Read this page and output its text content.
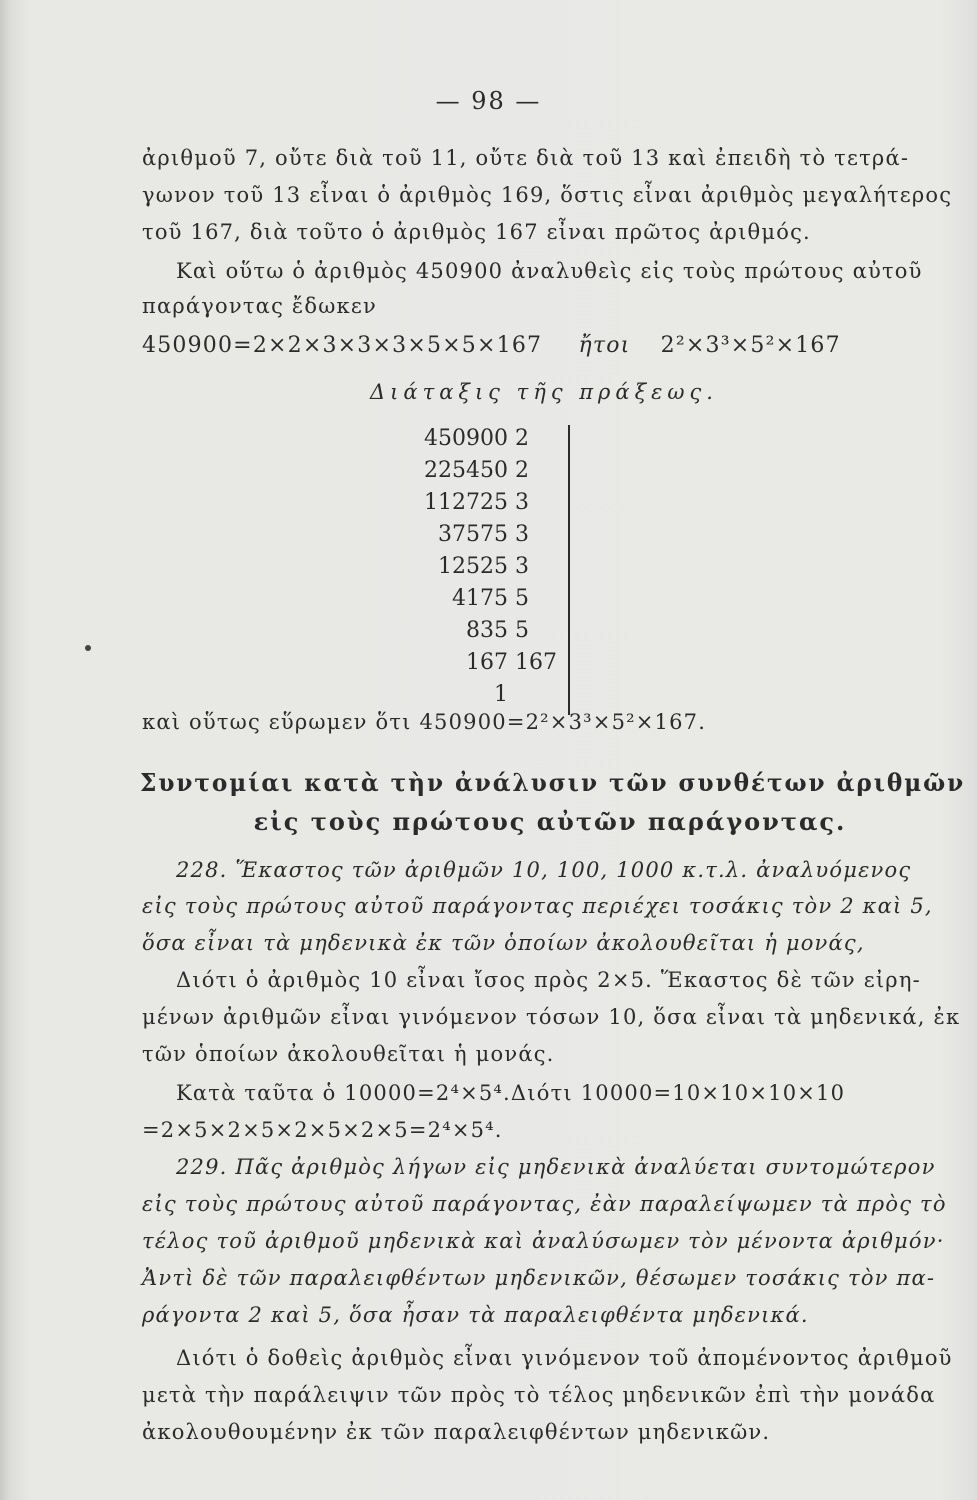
— 98 —
ἀριθμοῦ 7, οὔτε διὰ τοῦ 11, οὔτε διὰ τοῦ 13 καὶ ἐπειδὴ τὸ τετρά-
γωνον τοῦ 13 εἶναι ὁ ἀριθμὸς 169, ὅστις εἶναι ἀριθμὸς μεγαλήτερος
τοῦ 167, διὰ τοῦτο ὁ ἀριθμὸς 167 εἶναι πρῶτος ἀριθμός.
Καὶ οὕτω ὁ ἀριθμὸς 450900 ἀναλυθεὶς εἰς τοὺς πρώτους αὐτοῦ
παράγοντας ἔδωκεν
450900=2×2×3×3×3×5×5×167 ἤτοι 2²×3³×5²×167
Διάταξις τῆς πράξεως.
450900 2
225450 2
112725 3
37575 3
12525 3
4175 5
835 5
167 167
1
καὶ οὕτως εὕρωμεν ὅτι 450900=2²×3³×5²×167.
Συντομίαι κατὰ τὴν ἀνάλυσιν τῶν συνθέτων ἀριθμῶν
εἰς τοὺς πρώτους αὐτῶν παράγοντας.
228. Ἕκαστος τῶν ἀριθμῶν 10, 100, 1000 κ.τ.λ. ἀναλυόμενος
εἰς τοὺς πρώτους αὐτοῦ παράγοντας περιέχει τοσάκις τὸν 2 καὶ 5,
ὅσα εἶναι τὰ μηδενικὰ ἐκ τῶν ὁποίων ἀκολουθεῖται ἡ μονάς,
Διότι ὁ ἀριθμὸς 10 εἶναι ἴσος πρὸς 2×5. Ἕκαστος δὲ τῶν εἰρη-
μένων ἀριθμῶν εἶναι γινόμενον τόσων 10, ὅσα εἶναι τὰ μηδενικά, ἐκ
τῶν ὁποίων ἀκολουθεῖται ἡ μονάς.
Κατὰ ταῦτα ὁ 10000=2⁴×5⁴.Διότι 10000=10×10×10×10
=2×5×2×5×2×5×2×5=2⁴×5⁴.
229. Πᾶς ἀριθμὸς λήγων εἰς μηδενικὰ ἀναλύεται συντομώτερον
εἰς τοὺς πρώτους αὐτοῦ παράγοντας, ἐὰν παραλείψωμεν τὰ πρὸς τὸ
τέλος τοῦ ἀριθμοῦ μηδενικὰ καὶ ἀναλύσωμεν τὸν μένοντα ἀριθμόν·
Ἀντὶ δὲ τῶν παραλειφθέντων μηδενικῶν, θέσωμεν τοσάκις τὸν πα-
ράγοντα 2 καὶ 5, ὅσα ἦσαν τὰ παραλειφθέντα μηδενικά.
Διότι ὁ δοθεὶς ἀριθμὸς εἶναι γινόμενον τοῦ ἀπομένοντος ἀριθμοῦ
μετὰ τὴν παράλειψιν τῶν πρὸς τὸ τέλος μηδενικῶν ἐπὶ τὴν μονάδα
ἀκολουθουμένην ἐκ τῶν παραλειφθέντων μηδενικῶν.
